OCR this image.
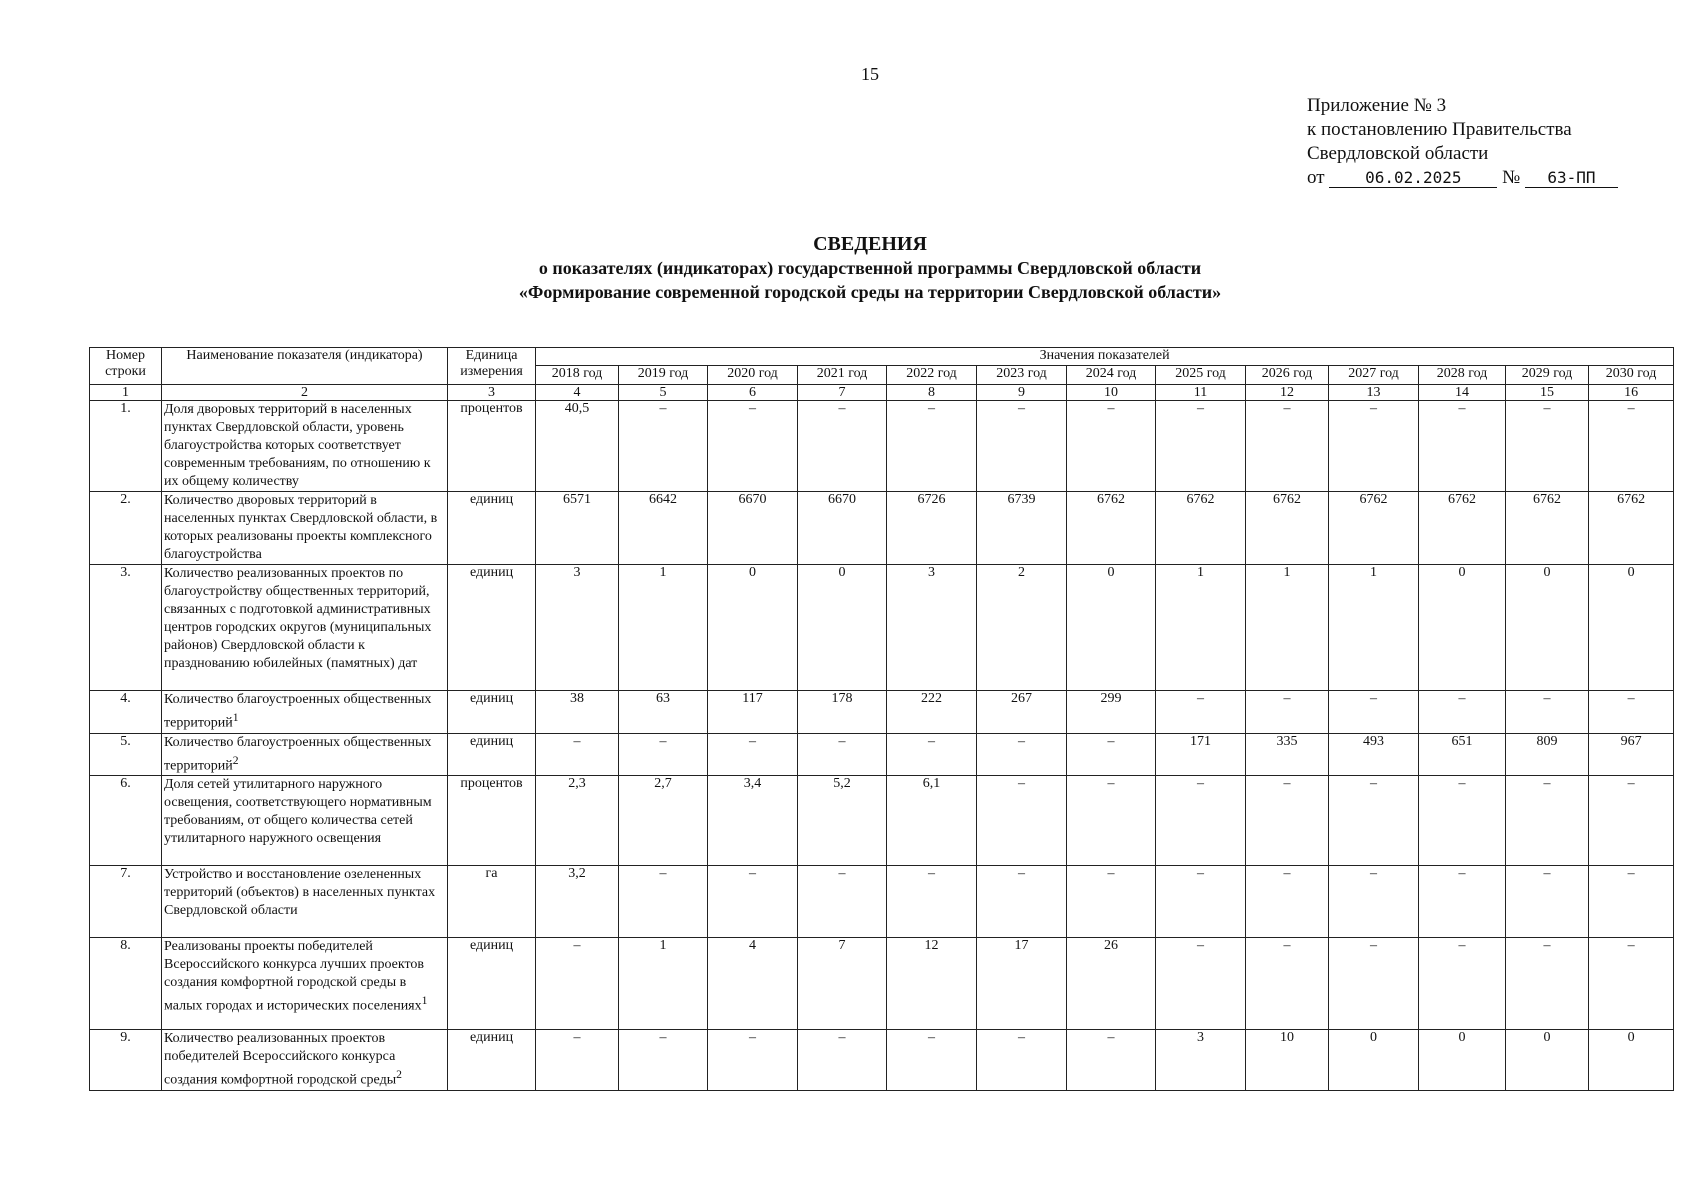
15
Приложение № 3
к постановлению Правительства
Свердловской области
от	06.02.2025 № 63-ПП
СВЕДЕНИЯ
о показателях (индикаторах) государственной программы Свердловской области
«Формирование современной городской среды на территории Свердловской области»
Номер строки	Наименование показателя (индикатора)	Единица измерения	Значения показателей												
			2018 год	2019 год	2020 год	2021 год	2022 год	2023 год	2024 год	2025 год	2026 год	2027 год	2028 год	2029 год	2030 год
1	2	3	4	5	6	7	8	9	10	11	12	13	14	15	16
1.	Доля дворовых территорий в населенных пунктах Свердловской области, уровень благоустройства которых соответствует современным требованиям, по отношению к их общему количеству	процентов	40,5	–	–	–	–	–	–	–	–	–	–	–	–
2.	Количество дворовых территорий в населенных пунктах Свердловской области, в которых реализованы проекты комплексного благоустройства	единиц	6571	6642	6670	6670	6726	6739	6762	6762	6762	6762	6762	6762	6762
3.	Количество реализованных проектов по благоустройству общественных территорий, связанных с подготовкой административных центров городских округов (муниципальных районов) Свердловской области к празднованию юбилейных (памятных) дат	единиц	3	1	0	0	3	2	0	1	1	1	0	0	0
4.	Количество благоустроенных общественных территорий$^1$	единиц	38	63	117	178	222	267	299	–	–	–	–	–	–
5.	Количество благоустроенных общественных территорий$^2$	единиц	–	–	–	–	–	–	–	171	335	493	651	809	967
6.	Доля сетей утилитарного наружного освещения, соответствующего нормативным требованиям, от общего количества сетей утилитарного наружного освещения	процентов	2,3	2,7	3,4	5,2	6,1	–	–	–	–	–	–	–	–
7.	Устройство и восстановление озелененных территорий (объектов) в населенных пунктах Свердловской области	га	3,2	–	–	–	–	–	–	–	–	–	–	–	–
8.	Реализованы проекты победителей Всероссийского конкурса лучших проектов создания комфортной городской среды в малых городах и исторических поселениях$^1$	единиц	–	1	4	7	12	17	26	–	–	–	–	–	–
9.	Количество реализованных проектов победителей Всероссийского конкурса создания комфортной городской среды$^2$	единиц	–	–	–	–	–	–	–	3	10	0	0	0	0
